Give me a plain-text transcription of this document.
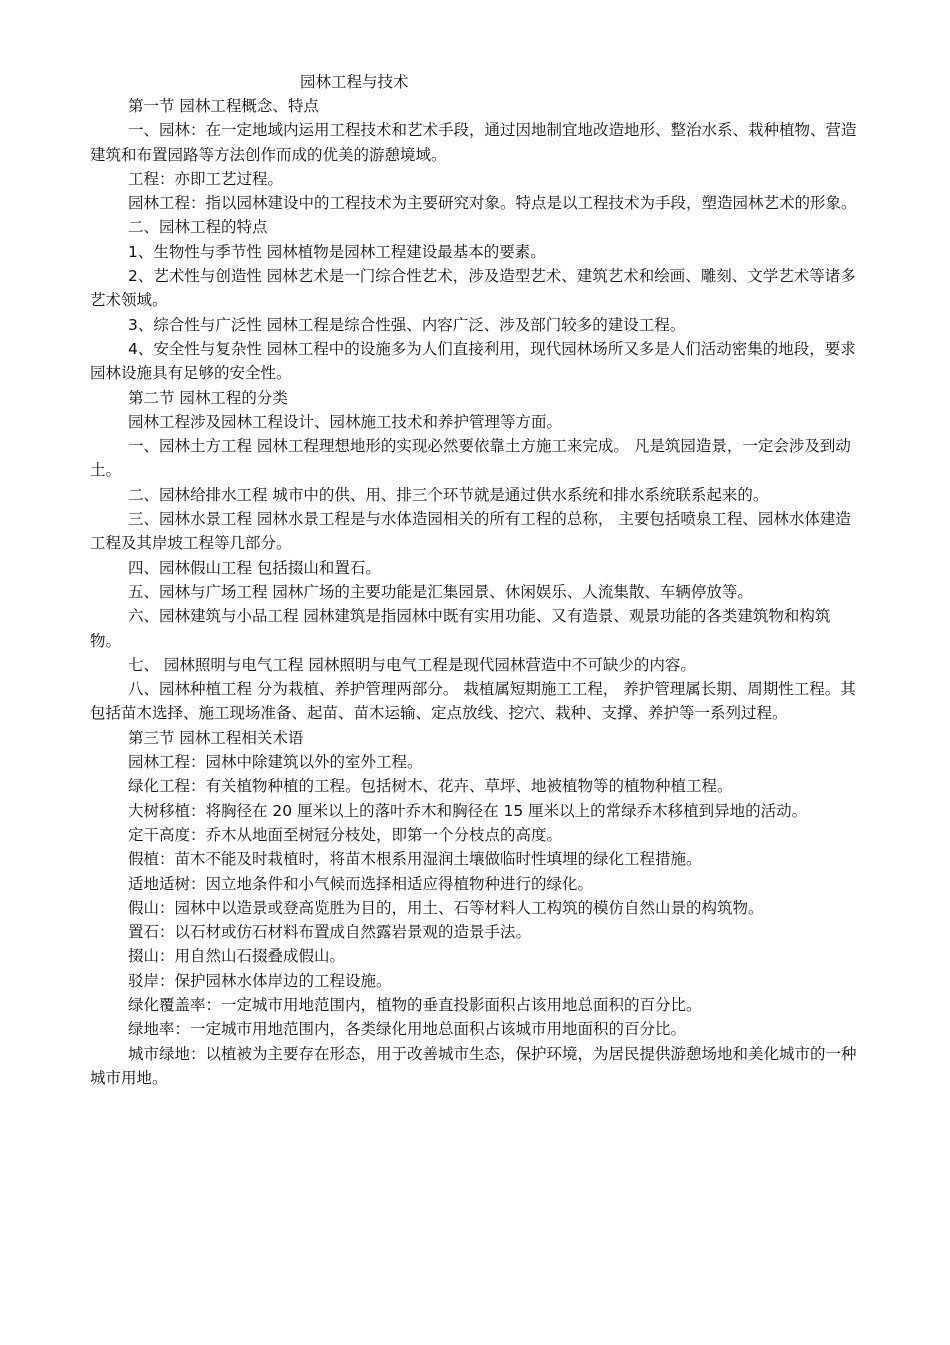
园林工程与技术

第一节 园林工程概念、特点

一、园林：在一定地域内运用工程技术和艺术手段，通过因地制宜地改造地形、整治水系、栽种植物、营造建筑和布置园路等方法创作而成的优美的游憩境域。

工程：亦即工艺过程。

园林工程：指以园林建设中的工程技术为主要研究对象。特点是以工程技术为手段，塑造园林艺术的形象。

二、园林工程的特点

1、生物性与季节性 园林植物是园林工程建设最基本的要素。

2、艺术性与创造性 园林艺术是一门综合性艺术，涉及造型艺术、建筑艺术和绘画、雕刻、文学艺术等诸多艺术领域。

3、综合性与广泛性 园林工程是综合性强、内容广泛、涉及部门较多的建设工程。

4、安全性与复杂性 园林工程中的设施多为人们直接利用，现代园林场所又多是人们活动密集的地段，要求园林设施具有足够的安全性。

第二节 园林工程的分类

园林工程涉及园林工程设计、园林施工技术和养护管理等方面。

一、园林土方工程 园林工程理想地形的实现必然要依靠土方施工来完成。 凡是筑园造景，一定会涉及到动土。

二、园林给排水工程 城市中的供、用、排三个环节就是通过供水系统和排水系统联系起来的。

三、园林水景工程 园林水景工程是与水体造园相关的所有工程的总称， 主要包括喷泉工程、园林水体建造工程及其岸坡工程等几部分。

四、园林假山工程 包括掇山和置石。

五、园林与广场工程 园林广场的主要功能是汇集园景、休闲娱乐、人流集散、车辆停放等。

六、园林建筑与小品工程 园林建筑是指园林中既有实用功能、又有造景、观景功能的各类建筑物和构筑物。

七、 园林照明与电气工程 园林照明与电气工程是现代园林营造中不可缺少的内容。

八、园林种植工程 分为栽植、养护管理两部分。 栽植属短期施工工程， 养护管理属长期、周期性工程。其包括苗木选择、施工现场准备、起苗、苗木运输、定点放线、挖穴、栽种、支撑、养护等一系列过程。

第三节 园林工程相关术语

园林工程：园林中除建筑以外的室外工程。

绿化工程：有关植物种植的工程。包括树木、花卉、草坪、地被植物等的植物种植工程。

大树移植：将胸径在 20 厘米以上的落叶乔木和胸径在 15 厘米以上的常绿乔木移植到异地的活动。

定干高度：乔木从地面至树冠分枝处，即第一个分枝点的高度。

假植：苗木不能及时栽植时，将苗木根系用湿润土壤做临时性填埋的绿化工程措施。

适地适树：因立地条件和小气候而选择相适应得植物种进行的绿化。

假山：园林中以造景或登高览胜为目的，用土、石等材料人工构筑的模仿自然山景的构筑物。

置石：以石材或仿石材料布置成自然露岩景观的造景手法。

掇山：用自然山石掇叠成假山。

驳岸：保护园林水体岸边的工程设施。

绿化覆盖率：一定城市用地范围内，植物的垂直投影面积占该用地总面积的百分比。

绿地率：一定城市用地范围内，各类绿化用地总面积占该城市用地面积的百分比。

城市绿地：以植被为主要存在形态，用于改善城市生态，保护环境，为居民提供游憩场地和美化城市的一种城市用地。
